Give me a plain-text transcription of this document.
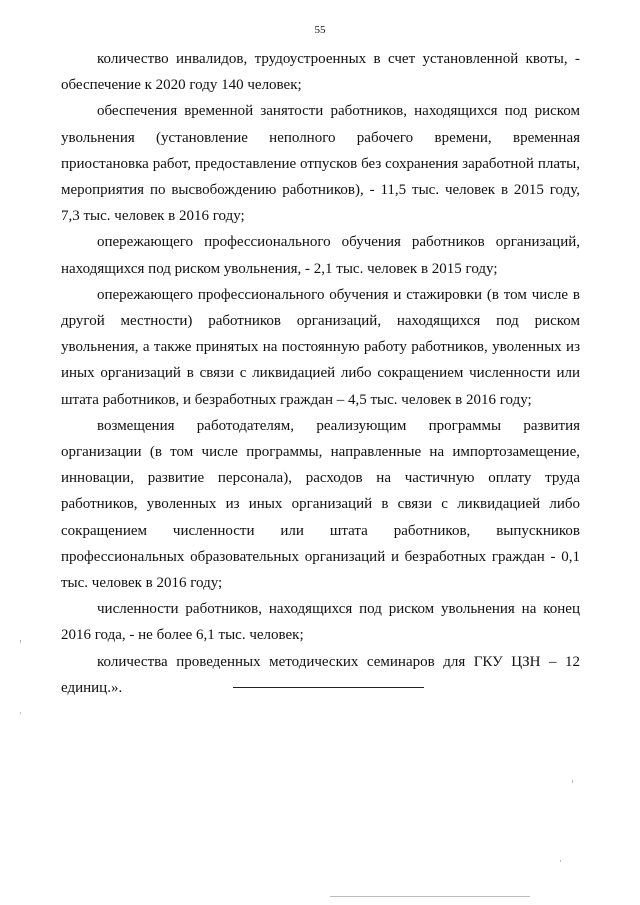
55

количество инвалидов, трудоустроенных в счет установленной квоты, - обеспечение к 2020 году 140 человек;

обеспечения временной занятости работников, находящихся под риском увольнения (установление неполного рабочего времени, временная приостановка работ, предоставление отпусков без сохранения заработной платы, мероприятия по высвобождению работников), - 11,5 тыс. человек в 2015 году, 7,3 тыс. человек в 2016 году;

опережающего профессионального обучения работников организаций, находящихся под риском увольнения, - 2,1 тыс. человек в 2015 году;

опережающего профессионального обучения и стажировки (в том числе в другой местности) работников организаций, находящихся под риском увольнения, а также принятых на постоянную работу работников, уволенных из иных организаций в связи с ликвидацией либо сокращением численности или штата работников, и безработных граждан – 4,5 тыс. человек в 2016 году;

возмещения работодателям, реализующим программы развития организации (в том числе программы, направленные на импортозамещение, инновации, развитие персонала), расходов на частичную оплату труда работников, уволенных из иных организаций в связи с ликвидацией либо сокращением численности или штата работников, выпускников профессиональных образовательных организаций и безработных граждан - 0,1 тыс. человек в 2016 году;

численности работников, находящихся под риском увольнения на конец 2016 года, - не более 6,1 тыс. человек;

количества проведенных методических семинаров для ГКУ ЦЗН – 12 единиц.».
